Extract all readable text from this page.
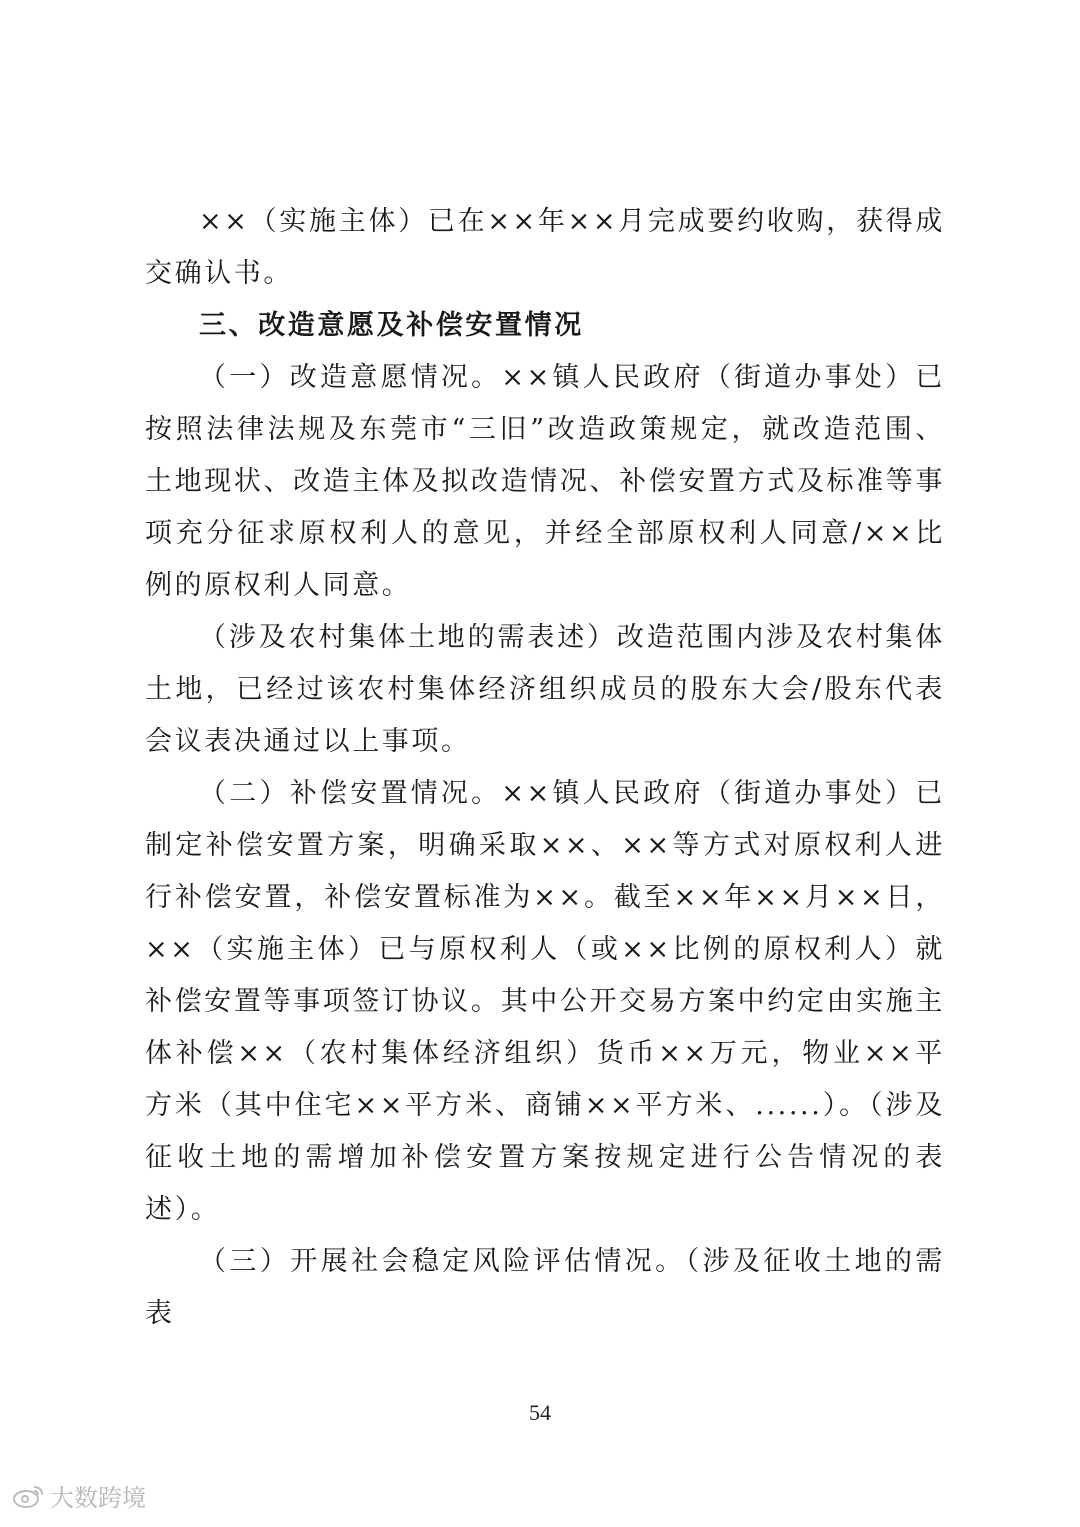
××（实施主体）已在××年××月完成要约收购，获得成交确认书。

三、改造意愿及补偿安置情况

（一）改造意愿情况。××镇人民政府（街道办事处）已按照法律法规及东莞市“三旧”改造政策规定，就改造范围、土地现状、改造主体及拟改造情况、补偿安置方式及标准等事项充分征求原权利人的意见，并经全部原权利人同意/××比例的原权利人同意。

（涉及农村集体土地的需表述）改造范围内涉及农村集体土地，已经过该农村集体经济组织成员的股东大会/股东代表会议表决通过以上事项。

（二）补偿安置情况。××镇人民政府（街道办事处）已制定补偿安置方案，明确采取××、××等方式对原权利人进行补偿安置，补偿安置标准为××。截至××年××月××日，××（实施主体）已与原权利人（或××比例的原权利人）就补偿安置等事项签订协议。其中公开交易方案中约定由实施主体补偿××（农村集体经济组织）货币××万元，物业××平方米（其中住宅××平方米、商铺××平方米、......）。（涉及征收土地的需增加补偿安置方案按规定进行公告情况的表述）。

（三）开展社会稳定风险评估情况。（涉及征收土地的需表

54
大数跨境
